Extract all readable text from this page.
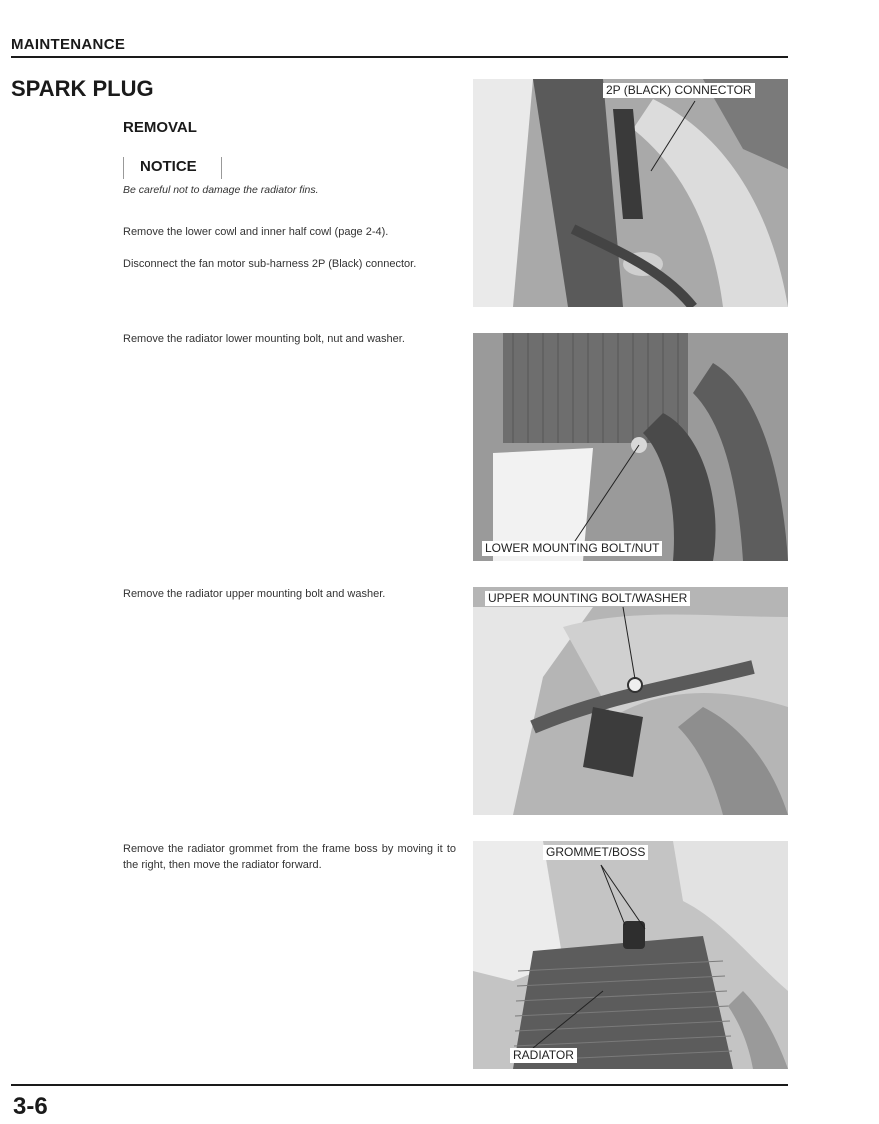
MAINTENANCE
SPARK PLUG
REMOVAL
NOTICE
Be careful not to damage the radiator fins.
Remove the lower cowl and inner half cowl (page 2-4).
Disconnect the fan motor sub-harness 2P (Black) connector.
Remove the radiator lower mounting bolt, nut and washer.
Remove the radiator upper mounting bolt and washer.
Remove the radiator grommet from the frame boss by moving it to the right, then move the radiator forward.
2P (BLACK) CONNECTOR
LOWER MOUNTING BOLT/NUT
UPPER MOUNTING BOLT/WASHER
GROMMET/BOSS
RADIATOR
3-6
